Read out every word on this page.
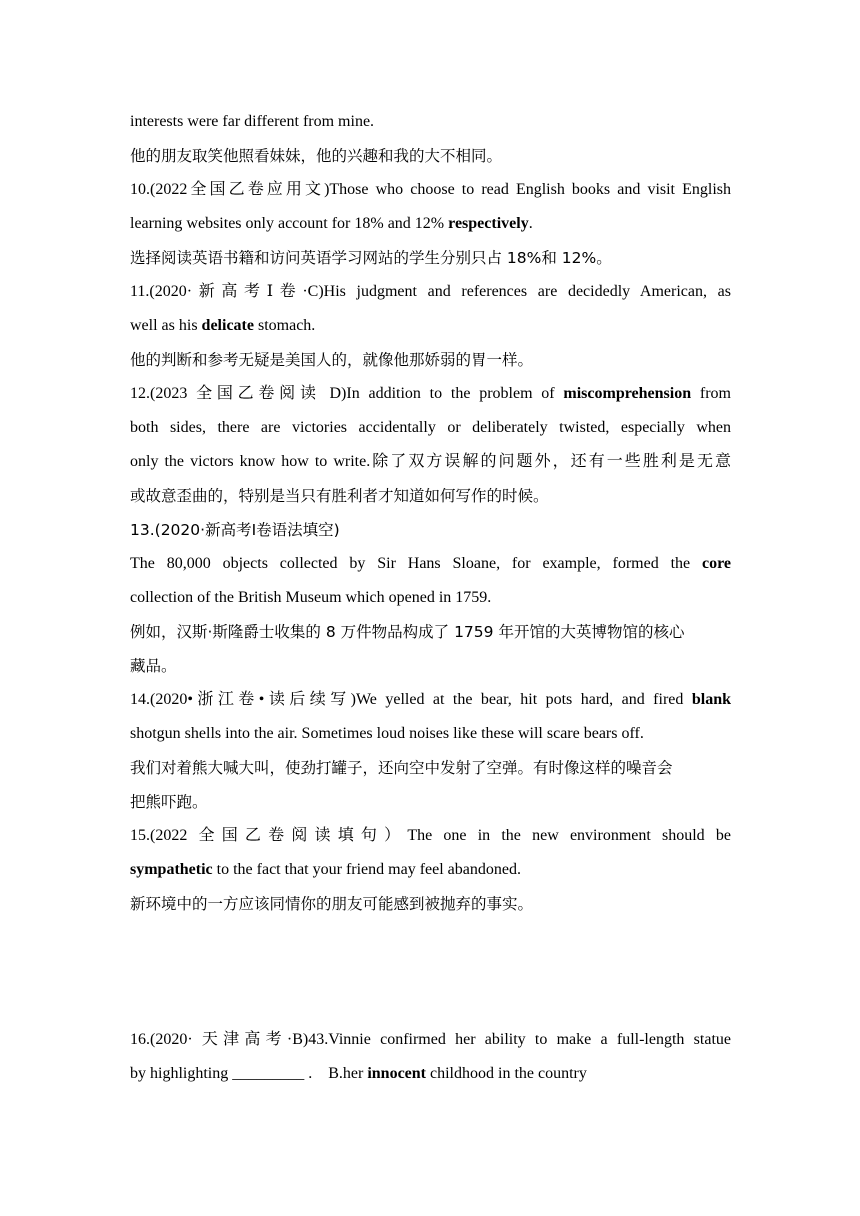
interests were far different from mine.
他的朋友取笑他照看妹妹，他的兴趣和我的大不相同。
10.(2022全国乙卷应用文)Those who choose to read English books and visit English
learning websites only account for 18% and 12% respectively.
选择阅读英语书籍和访问英语学习网站的学生分别只占 18%和 12%。
11.(2020·新高考Ⅰ卷·C)His judgment and references are decidedly American, as
well as his delicate stomach.
他的判断和参考无疑是美国人的，就像他那娇弱的胃一样。
12.(2023 全国乙卷阅读 D)In addition to the problem of miscomprehension from
both sides, there are victories accidentally or deliberately twisted, especially when
only the victors know how to write.除了双方误解的问题外，还有一些胜利是无意
或故意歪曲的，特别是当只有胜利者才知道如何写作的时候。
13.(2020·新高考Ⅰ卷语法填空)
The 80,000 objects collected by Sir Hans Sloane, for example, formed the core
collection of the British Museum which opened in 1759.
例如，汉斯·斯隆爵士收集的 8 万件物品构成了 1759 年开馆的大英博物馆的核心
藏品。
14.(2020•浙江卷•读后续写)We yelled at the bear, hit pots hard, and fired blank
shotgun shells into the air. Sometimes loud noises like these will scare bears off.
我们对着熊大喊大叫，使劲打罐子，还向空中发射了空弹。有时像这样的噪音会
把熊吓跑。
15.(2022 全国乙卷阅读填句）The one in the new environment should be
sympathetic to the fact that your friend may feel abandoned.
新环境中的一方应该同情你的朋友可能感到被抛弃的事实。
16.(2020· 天津高考·B)43.Vinnie confirmed her ability to make a full-length statue
by highlighting _________ .    B.her innocent childhood in the country
